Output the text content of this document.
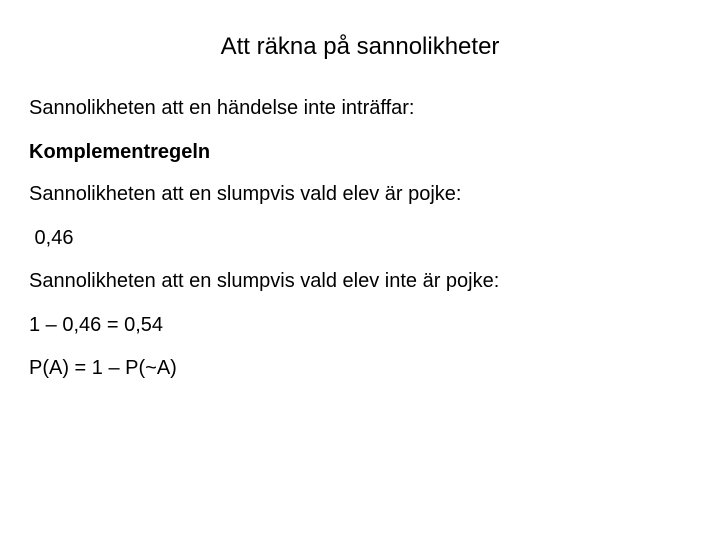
Att räkna på sannolikheter
Sannolikheten att en händelse inte inträffar:
Komplementregeln
Sannolikheten att en slumpvis vald elev är pojke:
0,46
Sannolikheten att en slumpvis vald elev inte är pojke:
1 – 0,46 = 0,54
P(A) = 1 – P(~A)
